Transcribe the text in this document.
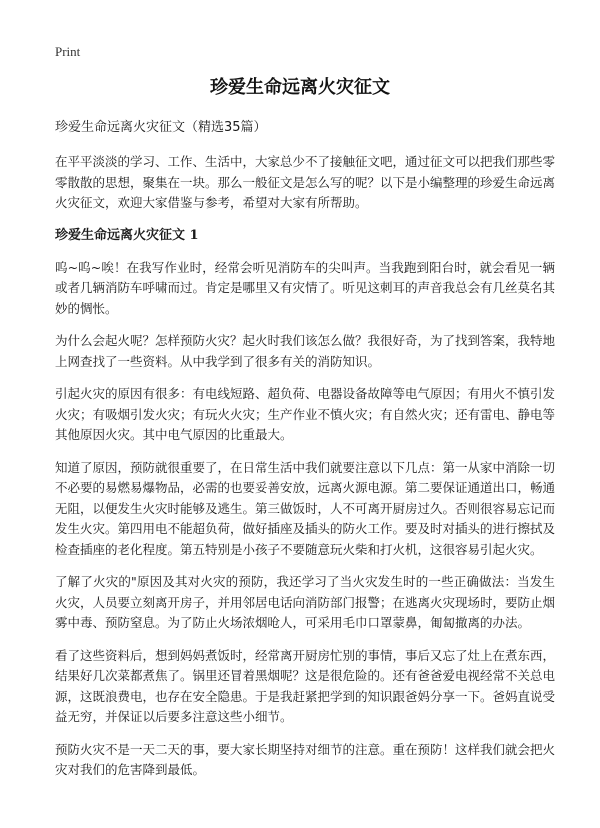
Print
珍爱生命远离火灾征文
珍爱生命远离火灾征文（精选35篇）

在平平淡淡的学习、工作、生活中，大家总少不了接触征文吧，通过征文可以把我们那些零零散散的思想，聚集在一块。那么一般征文是怎么写的呢？以下是小编整理的珍爱生命远离火灾征文，欢迎大家借鉴与参考，希望对大家有所帮助。

珍爱生命远离火灾征文 1

呜~呜~唉！在我写作业时，经常会听见消防车的尖叫声。当我跑到阳台时，就会看见一辆或者几辆消防车呼啸而过。肯定是哪里又有灾情了。听见这刺耳的声音我总会有几丝莫名其妙的惆怅。

为什么会起火呢？怎样预防火灾？起火时我们该怎么做？我很好奇，为了找到答案，我特地上网查找了一些资料。从中我学到了很多有关的消防知识。

引起火灾的原因有很多：有电线短路、超负荷、电器设备故障等电气原因；有用火不慎引发火灾；有吸烟引发火灾；有玩火火灾；生产作业不慎火灾；有自然火灾；还有雷电、静电等其他原因火灾。其中电气原因的比重最大。

知道了原因，预防就很重要了，在日常生活中我们就要注意以下几点：第一从家中消除一切不必要的易燃易爆物品，必需的也要妥善安放，远离火源电源。第二要保证通道出口，畅通无阻，以便发生火灾时能够及逃生。第三做饭时，人不可离开厨房过久。否则很容易忘记而发生火灾。第四用电不能超负荷，做好插座及插头的防火工作。要及时对插头的进行擦拭及检查插座的老化程度。第五特别是小孩子不要随意玩火柴和打火机，这很容易引起火灾。

了解了火灾的"原因及其对火灾的预防，我还学习了当火灾发生时的一些正确做法：当发生火灾，人员要立刻离开房子，并用邻居电话向消防部门报警；在逃离火灾现场时，要防止烟雾中毒、预防窒息。为了防止火场浓烟呛人，可采用毛巾口罩蒙鼻，匍匐撤离的办法。

看了这些资料后，想到妈妈煮饭时，经常离开厨房忙别的事情，事后又忘了灶上在煮东西，结果好几次菜都煮焦了。锅里还冒着黑烟呢？这是很危险的。还有爸爸爱电视经常不关总电源，这既浪费电，也存在安全隐患。于是我赶紧把学到的知识跟爸妈分享一下。爸妈直说受益无穷，并保证以后要多注意这些小细节。

预防火灾不是一天二天的事，要大家长期坚持对细节的注意。重在预防！这样我们就会把火灾对我们的危害降到最低。
